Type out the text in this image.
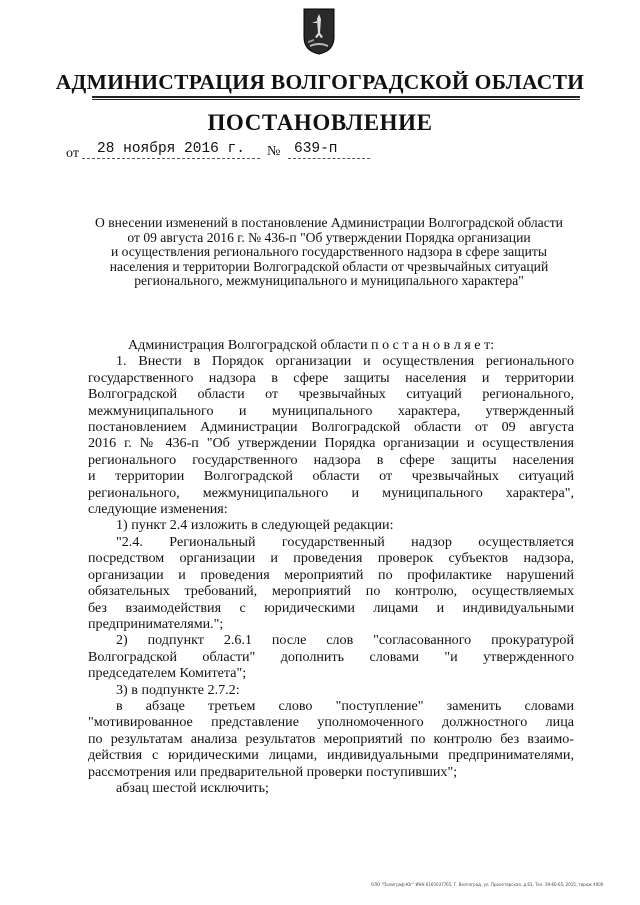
АДМИНИСТРАЦИЯ ВОЛГОГРАДСКОЙ ОБЛАСТИ
ПОСТАНОВЛЕНИЕ
от	28 ноября 2016 г.	№ 639-п
О внесении изменений в постановление Администрации Волгоградской области
от 09 августа 2016 г. № 436-п "Об утверждении Порядка организации
и осуществления регионального государственного надзора в сфере защиты
населения и территории Волгоградской области от чрезвычайных ситуаций
регионального, межмуниципального и муниципального характера"
Администрация Волгоградской области п о с т а н о в л я е т:
1. Внести в Порядок организации и осуществления регионального
государственного надзора в сфере защиты населения и территории
Волгоградской области от чрезвычайных ситуаций регионального,
межмуниципального и муниципального характера, утвержденный
постановлением Администрации Волгоградской области от 09 августа
2016 г. № 436-п "Об утверждении Порядка организации и осуществления
регионального государственного надзора в сфере защиты населения
и территории Волгоградской области от чрезвычайных ситуаций
регионального, межмуниципального и муниципального характера",
следующие изменения:
1) пункт 2.4 изложить в следующей редакции:
"2.4. Региональный государственный надзор осуществляется
посредством организации и проведения проверок субъектов надзора,
организации и проведения мероприятий по профилактике нарушений
обязательных требований, мероприятий по контролю, осуществляемых
без взаимодействия с юридическими лицами и индивидуальными
предпринимателями.";
2) подпункт 2.6.1 после слов "согласованного прокуратурой
Волгоградской области" дополнить словами "и утвержденного
председателем Комитета";
3) в подпункте 2.7.2:
в абзаце третьем слово "поступление" заменить словами
"мотивированное представление уполномоченного должностного лица
по результатам анализа результатов мероприятий по контролю без взаимо-
действия с юридическими лицами, индивидуальными предпринимателями,
рассмотрения или предварительной проверки поступивших";
абзац шестой исключить;
ОЛО "Полиграф-Юг" ИНН 6165037765, Г. Волгоград, ул. Пролетарская, д.61, Тел. 39-60-65, 2015, тираж 4000
